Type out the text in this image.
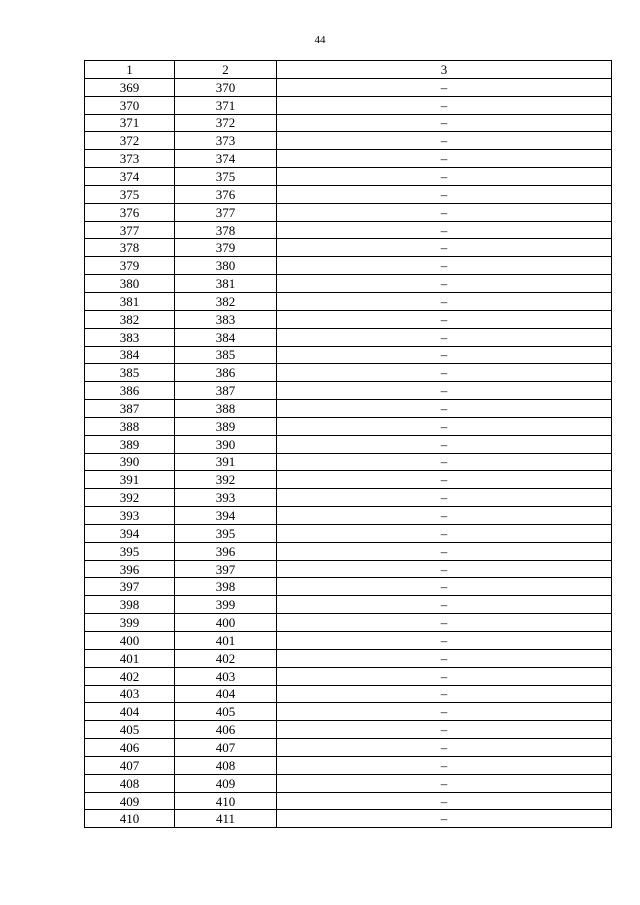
44
1	2	3
369	370	–
370	371	–
371	372	–
372	373	–
373	374	–
374	375	–
375	376	–
376	377	–
377	378	–
378	379	–
379	380	–
380	381	–
381	382	–
382	383	–
383	384	–
384	385	–
385	386	–
386	387	–
387	388	–
388	389	–
389	390	–
390	391	–
391	392	–
392	393	–
393	394	–
394	395	–
395	396	–
396	397	–
397	398	–
398	399	–
399	400	–
400	401	–
401	402	–
402	403	–
403	404	–
404	405	–
405	406	–
406	407	–
407	408	–
408	409	–
409	410	–
410	411	–
